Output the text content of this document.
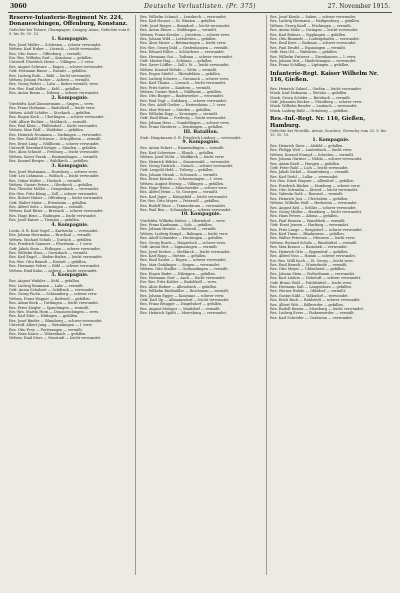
3060	Deutsche Verlustlisten. (Pr. 375)	27. November 1915.
Reserve-Infanterie-Regiment Nr. 224, Donaueschingen, Offenburg, Konstanz.
Gefechte bei Tahure, Champagne; Lusigny, Aisne; Gefechte vom 6. 9. bis 16. 10. 15.
1. Kompagnie.
Res. Josef Müller — Schlesien — schwer verwundet.
Wehrm. Karl Huber — Lörrach — leicht verwundet.
Res. Otto Sauer — Offenburg — vermißt.
Ers.-Res. Wilhelm Graf — Konstanz — gefallen.
Unteroff. Friedrich Meier — Villingen — l. verw.
Res. August Schwarz — Engen — schwer verwundet.
Gefr. Hermann Bauer — Rastatt — gefallen.
Res. Ludwig Roth — Bühl — leicht verwundet.
Wehrm. Johann Fischer — Achern — vermißt.
Res. Georg Weber — Lahr — bisher vermißt, verw.
Ers.-Res. Emil Keller — Kehl — gefallen.
Res. Anton Braun — Triberg — schwer verwundet.
2. Kompagnie.
Vizefeldw. Karl Zimmermann — Singen — verw.
Res. Franz Hofmann — Radolfzell — leicht verw.
Wehrm. Adolf Schäfer — Stockach — gefallen.
Res. Eugen Koch — Überlingen — schwer verwundet.
Gefr. Albert Richter — Meßkirch — vermißt.
Res. Paul Klein — Pfullendorf — leicht verwundet.
Wehrm. Max Wolf — Waldshut — gefallen.
Res. Heinrich Neumann — Säckingen — verwundet.
Ers.-Res. Rudolf Schwarz — Schopfheim — vermißt.
Res. Ernst Lang — Müllheim — schwer verwundet.
Unteroff. Bernhard Krüger — Staufen — gefallen.
Res. Alois Schmitt — Freiburg — leicht verwundet.
Wehrm. Xaver Frank — Emmendingen — vermißt.
Res. Konrad Berger — Waldkirch — gefallen.
3. Kompagnie.
Res. Josef Hartmann — Hornberg — schwer verw.
Gefr. Leo Lehmann — Wolfach — leicht verwundet.
Res. Oskar Walter — Haslach — vermißt.
Wehrm. Gustav Peters — Oberkirch — gefallen.
Res. Theodor Möller — Gengenbach — verwundet.
Ers.-Res. Fritz König — Zell — schwer verwundet.
Res. Robert Huber — Offenburg — leicht verwundet.
Gefr. Walter Maier — Ettenheim — gefallen.
Res. Alfred Seitz — Kenzingen — vermißt.
Wehrm. Karl Ritter — Breisach — schwer verwundet.
Res. Hugo Benz — Endingen — leicht verwundet.
Res. Josef Kaiser — Tiengen — gefallen.
4. Kompagnie.
Leutn. d. R. Kurt Vogel — Karlsruhe — verwundet.
Res. Johann Herrmann — Bruchsal — vermißt.
Wehrm. Michael Schulz — Durlach — gefallen.
Res. Friedrich Sommer — Pforzheim — l. verw.
Gefr. Jakob Stein — Ettlingen — schwer verwundet.
Res. Wilhelm Haas — Gernsbach — vermißt.
Res. Karl Engel — Baden-Baden — leicht verwundet.
Ers.-Res. Otto Brandt — Rastatt — gefallen.
Res. Hermann Vetter — Bühl — schwer verwundet.
Wehrm. Emil Kuhn — Achern — leicht verwundet.
5. Kompagnie.
Res. August Winkler — Kehl — gefallen.
Res. Ludwig Baumann — Lahr — vermißt.
Gefr. Anton Schubert — Schiltach — verwundet.
Res. Georg Fuchs — Schramberg — schwer verw.
Wehrm. Franz Wagner — Rottweil — gefallen.
Res. Adam Beck — Tuttlingen — leicht verwundet.
Res. Peter Ziegler — Spaichingen — vermißt.
Ers.-Res. Martin Horn — Donaueschingen — verw.
Res. Karl Eder — Hüfingen — gefallen.
Res. Josef Binder — Blumberg — schwer verwundet.
Unteroff. Albert Jung — Bräunlingen — l. verw.
Res. Otto Frey — Furtwangen — vermißt.
Res. Hans Kraus — Vöhrenbach — gefallen.
Wehrm. Emil Merz — Neustadt — leicht verwundet.
Res. Wilhelm Schmid — Lenzkirch — verwundet.
Res. Karl Hauser — St. Blasien — gefallen.
Gefr. Josef Rieger — Bonndorf — leicht verwundet.
Res. Anton Ebner — Stühlingen — vermißt.
Wehrm. Franz Kessler — Jestetten — schwer verw.
Res. Johann Wild — Lottstetten — gefallen.
Res. Alois Moser — Bettmaringen — leicht verw.
Ers.-Res. Georg Dold — Grafenhausen — vermißt.
Res. Eduard Faller — Schluchsee — verwundet.
Res. Hermann Gut — Todtnau — schwer verwundet.
Gefr. Martin Hug — Schönau — gefallen.
Res. Xaver Löffler — Zell i. W. — leicht verwundet.
Wehrm. Konrad Wehrle — Wehr — vermißt.
Res. Eugen Stiefel — Rheinfelden — gefallen.
Res. Ludwig Scherer — Grenzach — schwer verw.
Res. Karl Thoma — Lörrach — leicht verwundet.
Res. Fritz Sutter — Kandern — vermißt.
Wehrm. Gustav Reich — Müllheim — gefallen.
Res. Otto Burger — Badenweiler — verwundet.
Res. Paul Vogt — Sulzburg — schwer verwundet.
Ers.-Res. Adolf Gerber — Heitersheim — l. verw.
Res. Max Wörner — Staufen — gefallen.
Res. Wilhelm Kopp — Krozingen — vermißt.
Gefr. Emil Blum — Freiburg — leicht verwundet.
Res. Johann Hess — Gundelfingen — schwer verw.
Res. Franz Riesterer — Denzlingen — gefallen.
III. Bataillon.
Stab: Hauptmann d. R. Friedrich Lindner — verwundet.
9. Kompagnie.
Res. Anton Eckert — Emmendingen — vermißt.
Res. Karl Schweizer — Elzach — gefallen.
Wehrm. Josef Stöhr — Waldkirch — leicht verw.
Res. Heinrich Bühler — Simonswald — verwundet.
Res. Georg Dietrich — Gutach — schwer verwundet.
Gefr. Leopold Held — Triberg — gefallen.
Res. Johann Straub — Schonach — vermißt.
Res. Ernst Kienzle — Schwenningen — l. verw.
Wehrm. August Herzog — Villingen — gefallen.
Res. Hugo Weiss — Mönchweiler — schwer verw.
Res. Alfred Heim — St. Georgen — vermißt.
Res. Karl Jäger — Königsfeld — leicht verwundet.
Ers.-Res. Otto Mayer — Peterzell — gefallen.
Res. Rudolf Storz — Tennenbronn — verwundet.
Res. Paul Bea — Schramberg — schwer verwundet.
10. Kompagnie.
Vizefeldw. Wilhelm Sieber — Oberndorf — verw.
Res. Franz Kaufmann — Sulz — gefallen.
Res. Johann Hermle — Rottweil — vermißt.
Wehrm. Ludwig Kempf — Balingen — leicht verw.
Res. Adolf Schneider — Hechingen — gefallen.
Res. Georg Bosch — Haigerloch — schwer verw.
Gefr. Anton Hirt — Sigmaringen — vermißt.
Res. Josef Dreher — Meßkirch — leicht verwundet.
Res. Karl Rapp — Stetten — gefallen.
Res. Emil Sauter — Engen — schwer verwundet.
Res. Max Gnädinger — Singen — verwundet.
Wehrm. Otto Stadler — Gottmadingen — vermißt.
Res. Eugen Bader — Hilzingen — gefallen.
Res. Hermann Graf — Aach — leicht verwundet.
Ers.-Res. Fritz Kohler — Radolfzell — verw.
Res. Alois Hafner — Allensbach — gefallen.
Res. Wilhelm Riedmüller — Reichenau — vermißt.
Res. Johann Egger — Konstanz — schwer verw.
Gefr. Karl Ilg — Allmannsdorf — leicht verwundet.
Res. Franz Brugger — Dingelsdorf — gefallen.
Res. August Metzger — Markdorf — vermißt.
Res. Heinrich Späth — Meersburg — verwundet.
Res. Josef Kienle — Salem — schwer verwundet.
Res. Ludwig Hermann — Heiligenberg — gefallen.
Wehrm. Georg Knoll — Frickingen — vermißt.
Res. Anton Mohr — Owingen — leicht verwundet.
Res. Karl Bohner — Sipplingen — gefallen.
Res. Otto Rimmele — Ludwigshafen — verwundet.
Res. Emil Kees — Bodman — schwer verwundet.
Res. Paul Deufel — Espasingen — vermißt.
Gefr. Max Ott — Wahlwies — gefallen.
Res. Wilhelm Futterer — Zizenhausen — l. verw.
Res. Johann Veit — Hindelwangen — verwundet.
Res. Franz Schilling — Liptingen — gefallen.
Infanterie-Regt. Kaiser Wilhelm Nr. 116, Gießen.
Res. Heinrich Zulauf — Gießen — leicht verwundet.
Musk. Karl Hofmann — Wetzlar — gefallen.
Musk. Georg Schäfer — Butzbach — vermißt.
Gefr. Johannes Becker — Friedberg — schwer verw.
Musk. Wilhelm Bender — Laubach — verwundet.
Musk. Ludwig Rühl — Grünberg — gefallen.
Res.-Inf.-Regt. Nr. 116, Gießen, Hamburg.
Gefechte bei Neuville, Artois; Souchez; Givenchy vom 25. 9. bis 13. 10. 15.
1. Kompagnie.
Res. Heinrich Dietz — Alsfeld — gefallen.
Res. Philipp Weil — Lauterbach — leicht verw.
Wehrm. Konrad Stumpf — Schotten — vermißt.
Res. Johann Gärtner — Nidda — schwer verwundet.
Res. Adam Kraft — Hungen — gefallen.
Gefr. Peter Ruhl — Lich — leicht verwundet.
Res. Jakob Nickel — Staufenberg — vermißt.
Res. Karl Diehl — Lollar — verwundet.
Ers.-Res. Ernst Wagner — Allendorf — gefallen.
Res. Friedrich Bäcker — Homberg — schwer verw.
Res. Otto Schwalm — Kirtorf — leicht verwundet.
Res. Valentin Roth — Romrod — vermißt.
Res. Heinrich Jost — Ulrichstein — gefallen.
Wehrm. Wilhelm Wolf — Herbstein — verwundet.
Res. August Keil — Schlitz — schwer verwundet.
Res. Georg Müller — Hamburg — leicht verwundet.
Res. Hans Peters — Altona — gefallen.
Res. Paul Hansen — Wandsbek — vermißt.
Gefr. Ernst Jensen — Harburg — verwundet.
Res. Fritz Lange — Bergedorf — schwer verwundet.
Res. Karl Timm — Blankenese — gefallen.
Res. Walter Petersen — Ottensen — leicht verw.
Wehrm. Richard Schulz — Eimsbüttel — vermißt.
Res. Max Krause — Barmbek — verwundet.
Res. Heinrich Otto — Eppendorf — gefallen.
Res. Alfred Voss — Hamm — schwer verwundet.
Ers.-Res. Willi Koch — St. Georg — leicht verw.
Res. Emil Brandt — Winterhude — vermißt.
Res. Otto Meyer — Uhlenhorst — gefallen.
Res. Johann Stein — Rotherbaum — verwundet.
Res. Kurt Lüders — Hoheluft — schwer verwundet.
Gefr. Bruno Wulf — Fuhlsbüttel — leicht verw.
Res. Hermann Saß — Langenhorn — gefallen.
Res. Werner Rohde — Ohlsdorf — vermißt.
Res. Gustav Kühl — Volksdorf — verwundet.
Res. Erich Bock — Rahlstedt — schwer verwundet.
Res. Albert Witt — Billwerder — gefallen.
Res. Rudolf Harms — Moorburg — leicht verwundet.
Res. Ludwig Evers — Finkenwerder — vermißt.
Res. Karl Schröder — Cuxhaven — verwundet.
